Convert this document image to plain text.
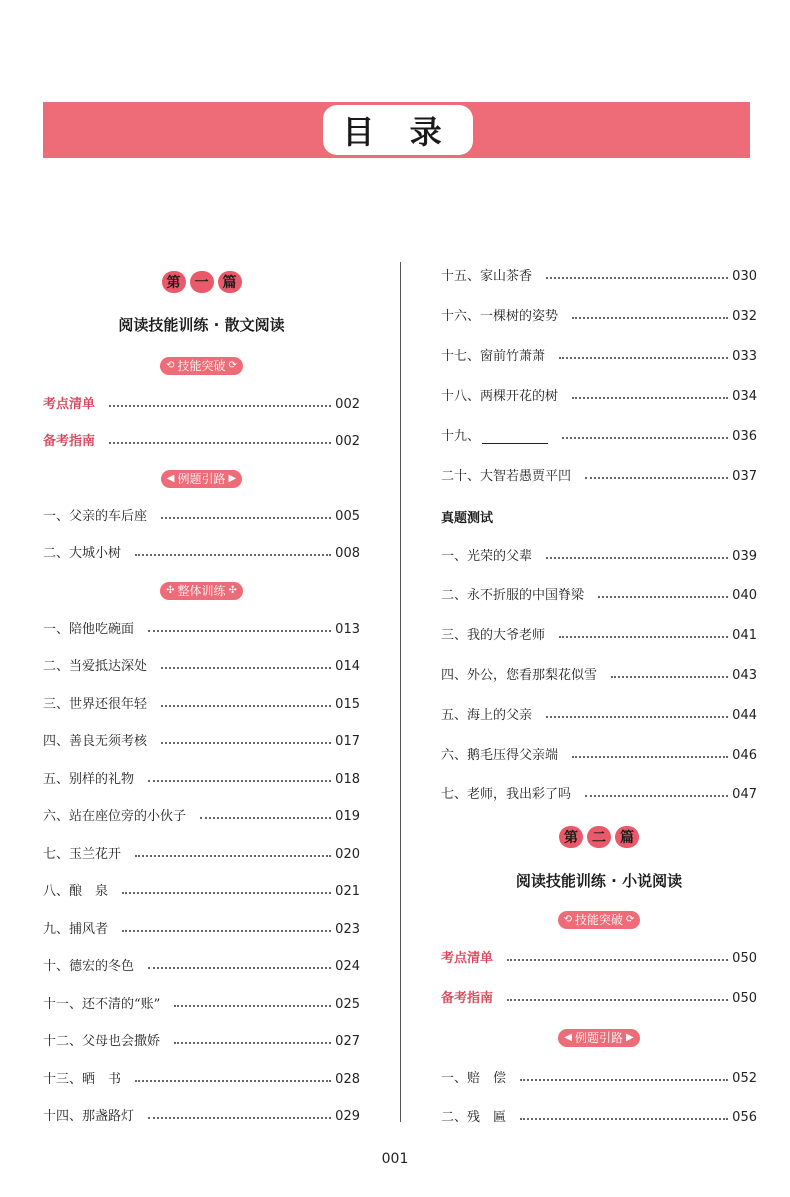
目 录
第	一	篇
阅读技能训练 · 散文阅读
⟲ 技能突破 ⟳
考点清单	002
备考指南	002
◀ 例题引路 ▶
一、父亲的车后座	005
二、大城小树	008
✣ 整体训练 ✣
一、陪他吃碗面	013
二、当爱抵达深处	014
三、世界还很年轻	015
四、善良无须考核	017
五、别样的礼物	018
六、站在座位旁的小伙子	019
七、玉兰花开	020
八、酿　泉	021
九、捕风者	023
十、德宏的冬色	024
十一、还不清的“账”	025
十二、父母也会撒娇	027
十三、晒　书	028
十四、那盏路灯	029
十五、家山茶香	030
十六、一棵树的姿势	032
十七、窗前竹萧萧	033
十八、两棵开花的树	034
十九、	036
二十、大智若愚贾平凹	037
真题测试
一、光荣的父辈	039
二、永不折服的中国脊梁	040
三、我的大爷老师	041
四、外公，您看那梨花似雪	043
五、海上的父亲	044
六、鹅毛压得父亲端	046
七、老师，我出彩了吗	047
第	二	篇
阅读技能训练 · 小说阅读
⟲ 技能突破 ⟳
考点清单	050
备考指南	050
◀ 例题引路 ▶
一、赔　偿	052
二、残　匾	056
001
